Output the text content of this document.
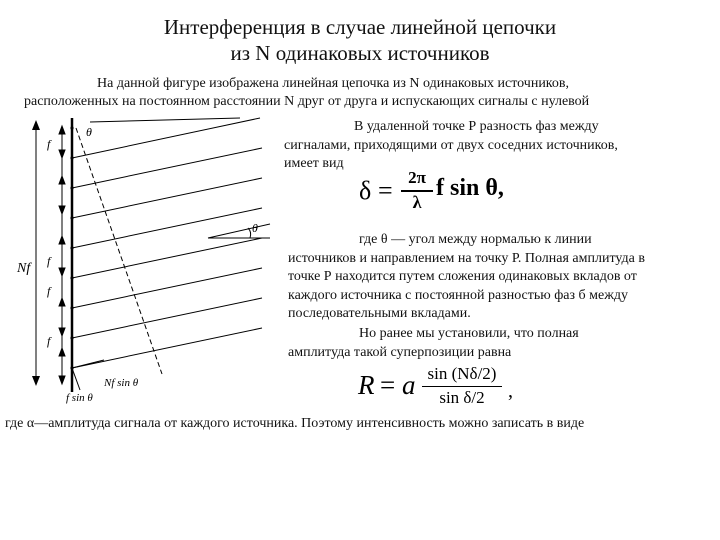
Интерференция в случае линейной цепочки
из N одинаковых источников
На данной фигуре изображена линейная цепочка из N одинаковых источников,
расположенных на постоянном расстоянии N друг от друга и испускающих сигналы с нулевой
В удаленной точке Р разность фаз между
сигналами, приходящими от двух соседних источников,
имеет вид
δ = 2π
λ
f sin θ,
где θ — угол между нормалью к линии
источников и направлением на точку Р. Полная амплитуда в
точке Р находится путем сложения одинаковых вкладов от
каждого источника с постоянной разностью фаз б между
последовательными вкладами.
Но ранее мы установили, что полная
амплитуда такой суперпозиции равна
R = a sin (Nδ/2)
sin δ/2	,
где α—амплитуда сигнала от каждого источника. Поэтому интенсивность можно записать в виде
θ
f
Nf f
f
f
θ
Nf sin θ
f sin θ
